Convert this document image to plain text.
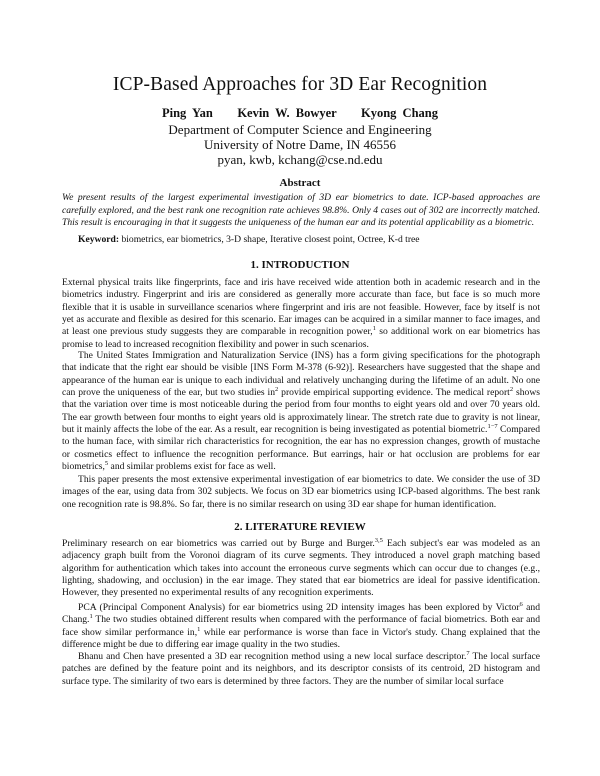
ICP-Based Approaches for 3D Ear Recognition
Ping Yan    Kevin W. Bowyer    Kyong Chang
Department of Computer Science and Engineering
University of Notre Dame, IN 46556
pyan, kwb, kchang@cse.nd.edu
Abstract
We present results of the largest experimental investigation of 3D ear biometrics to date. ICP-based approaches are carefully explored, and the best rank one recognition rate achieves 98.8%. Only 4 cases out of 302 are incorrectly matched. This result is encouraging in that it suggests the uniqueness of the human ear and its potential applicability as a biometric.
Keyword: biometrics, ear biometrics, 3-D shape, Iterative closest point, Octree, K-d tree
1. INTRODUCTION
External physical traits like fingerprints, face and iris have received wide attention both in academic research and in the biometrics industry. Fingerprint and iris are considered as generally more accurate than face, but face is so much more flexible that it is usable in surveillance scenarios where fingerprint and iris are not feasible. However, face by itself is not yet as accurate and flexible as desired for this scenario. Ear images can be acquired in a similar manner to face images, and at least one previous study suggests they are comparable in recognition power,$^1$ so additional work on ear biometrics has promise to lead to increased recognition flexibility and power in such scenarios.
The United States Immigration and Naturalization Service (INS) has a form giving specifications for the photograph that indicate that the right ear should be visible [INS Form M-378 (6-92)]. Researchers have suggested that the shape and appearance of the human ear is unique to each individual and relatively unchanging during the lifetime of an adult. No one can prove the uniqueness of the ear, but two studies $in^2$ provide empirical supporting evidence. The medical report$^2$ shows that the variation over time is most noticeable during the period from four months to eight years old and over 70 years old. The ear growth between four months to eight years old is approximately linear. The stretch rate due to gravity is not linear, but it mainly affects the lobe of the ear. As a result, ear recognition is being investigated as potential biometric.$^{1-7}$ Compared to the human face, with similar rich characteristics for recognition, the ear has no expression changes, growth of mustache or cosmetics effect to influence the recognition performance. But earrings, hair or hat occlusion are problems for ear biometrics,$^5$ and similar problems exist for face as well.
This paper presents the most extensive experimental investigation of ear biometrics to date. We consider the use of 3D images of the ear, using data from 302 subjects. We focus on 3D ear biometrics using ICP-based algorithms. The best rank one recognition rate is 98.8%. So far, there is no similar research on using 3D ear shape for human identification.
2. LITERATURE REVIEW
Preliminary research on ear biometrics was carried out by Burge and Burger.$^{3,5}$ Each subject's ear was modeled as an adjacency graph built from the Voronoi diagram of its curve segments. They introduced a novel graph matching based algorithm for authentication which takes into account the erroneous curve segments which can occur due to changes (e.g., lighting, shadowing, and occlusion) in the ear image. They stated that ear biometrics are ideal for passive identification. However, they presented no experimental results of any recognition experiments.
PCA (Principal Component Analysis) for ear biometrics using 2D intensity images has been explored by Victor$^6$ and Chang.$^1$ The two studies obtained different results when compared with the performance of facial biometrics. Both ear and face show similar performance in,$^1$ while ear performance is worse than face in Victor's study. Chang explained that the difference might be due to differing ear image quality in the two studies.
Bhanu and Chen have presented a 3D ear recognition method using a new local surface descriptor.$^7$ The local surface patches are defined by the feature point and its neighbors, and its descriptor consists of its centroid, 2D histogram and surface type. The similarity of two ears is determined by three factors. They are the number of similar local surface
